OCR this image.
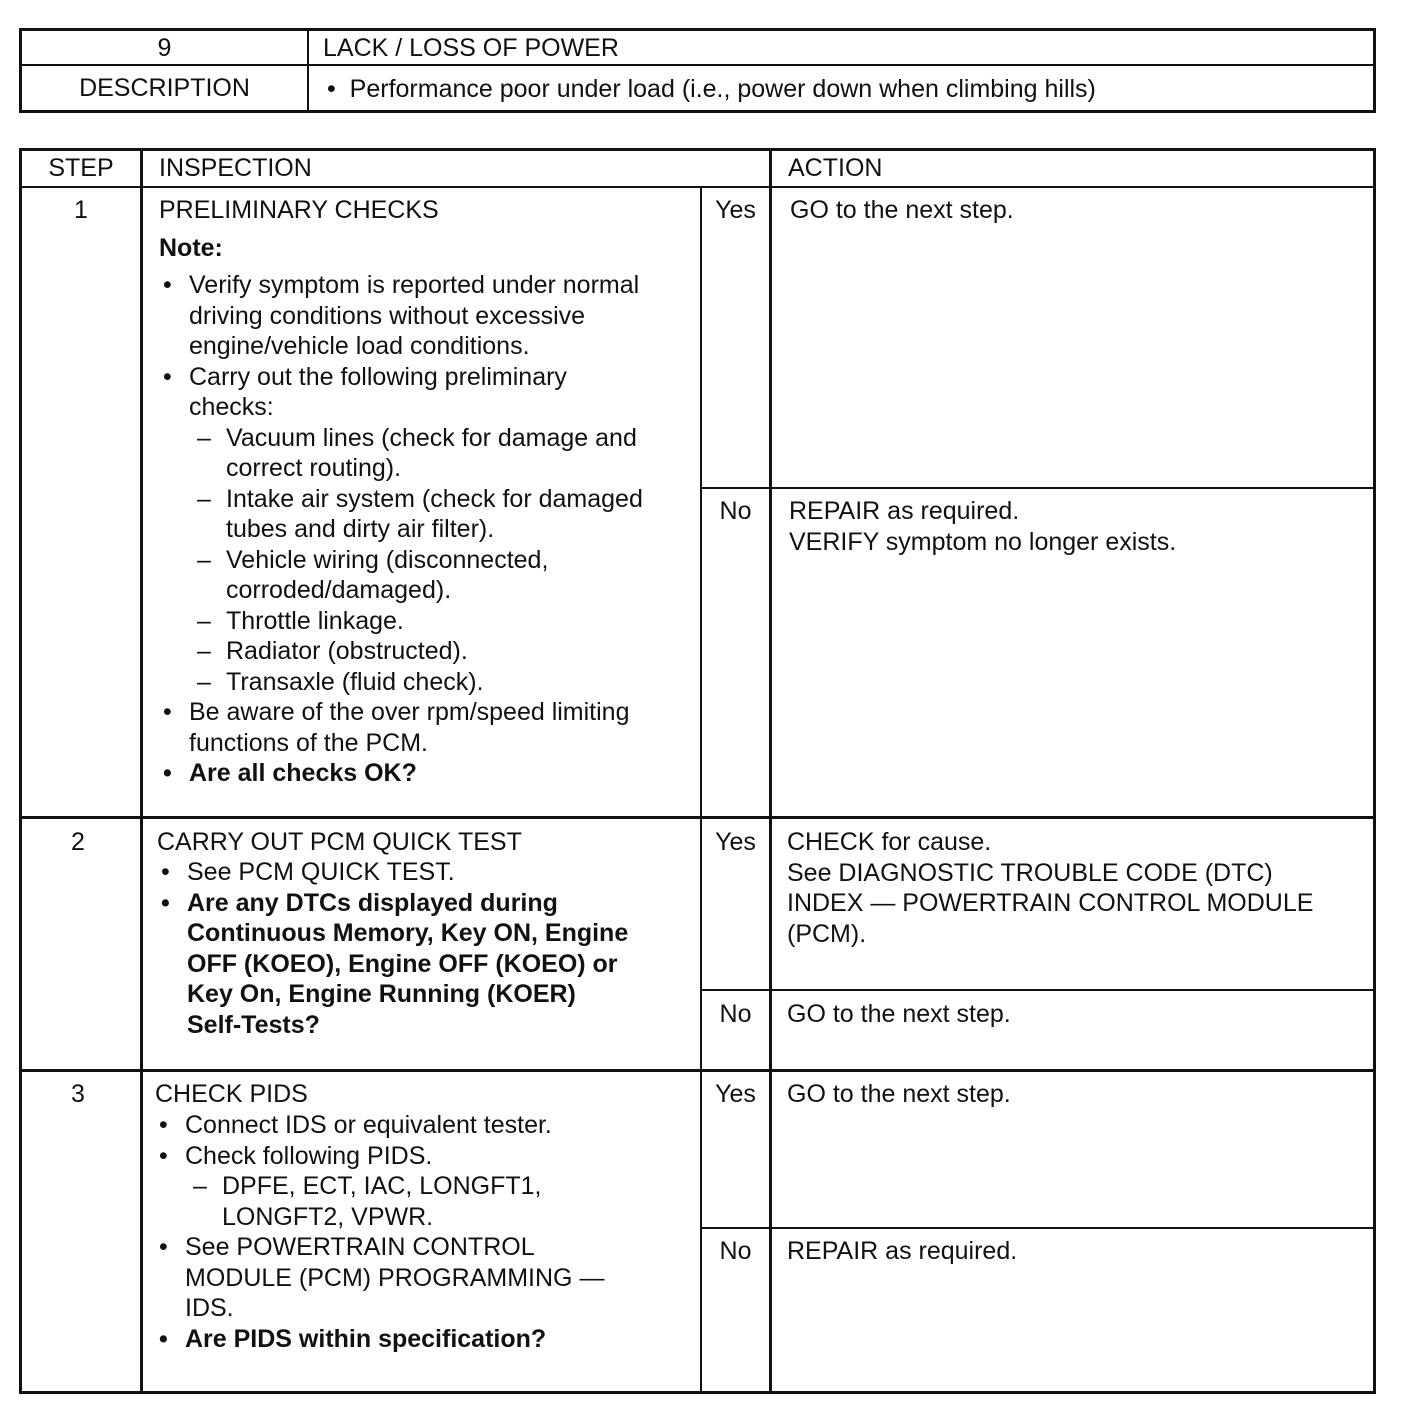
9	LACK / LOSS OF POWER
DESCRIPTION	• Performance poor under load (i.e., power down when climbing hills)
STEP	INSPECTION	ACTION
1	PRELIMINARY CHECKS
Note:
• Verify symptom is reported under normal
driving conditions without excessive
engine/vehicle load conditions.
• Carry out the following preliminary
checks:
– Vacuum lines (check for damage and
correct routing).
– Intake air system (check for damaged
tubes and dirty air filter).
– Vehicle wiring (disconnected,
corroded/damaged).
– Throttle linkage.
– Radiator (obstructed).
– Transaxle (fluid check).
• Be aware of the over rpm/speed limiting
functions of the PCM.
• Are all checks OK?
Yes	GO to the next step.
No	REPAIR as required.
VERIFY symptom no longer exists.
2	CARRY OUT PCM QUICK TEST
• See PCM QUICK TEST.
• Are any DTCs displayed during
Continuous Memory, Key ON, Engine
OFF (KOEO), Engine OFF (KOEO) or
Key On, Engine Running (KOER)
Self-Tests?
Yes	CHECK for cause.
See DIAGNOSTIC TROUBLE CODE (DTC)
INDEX — POWERTRAIN CONTROL MODULE
(PCM).
No	GO to the next step.
3	CHECK PIDS
• Connect IDS or equivalent tester.
• Check following PIDS.
– DPFE, ECT, IAC, LONGFT1,
LONGFT2, VPWR.
• See POWERTRAIN CONTROL
MODULE (PCM) PROGRAMMING —
IDS.
• Are PIDS within specification?
Yes	GO to the next step.
No	REPAIR as required.
